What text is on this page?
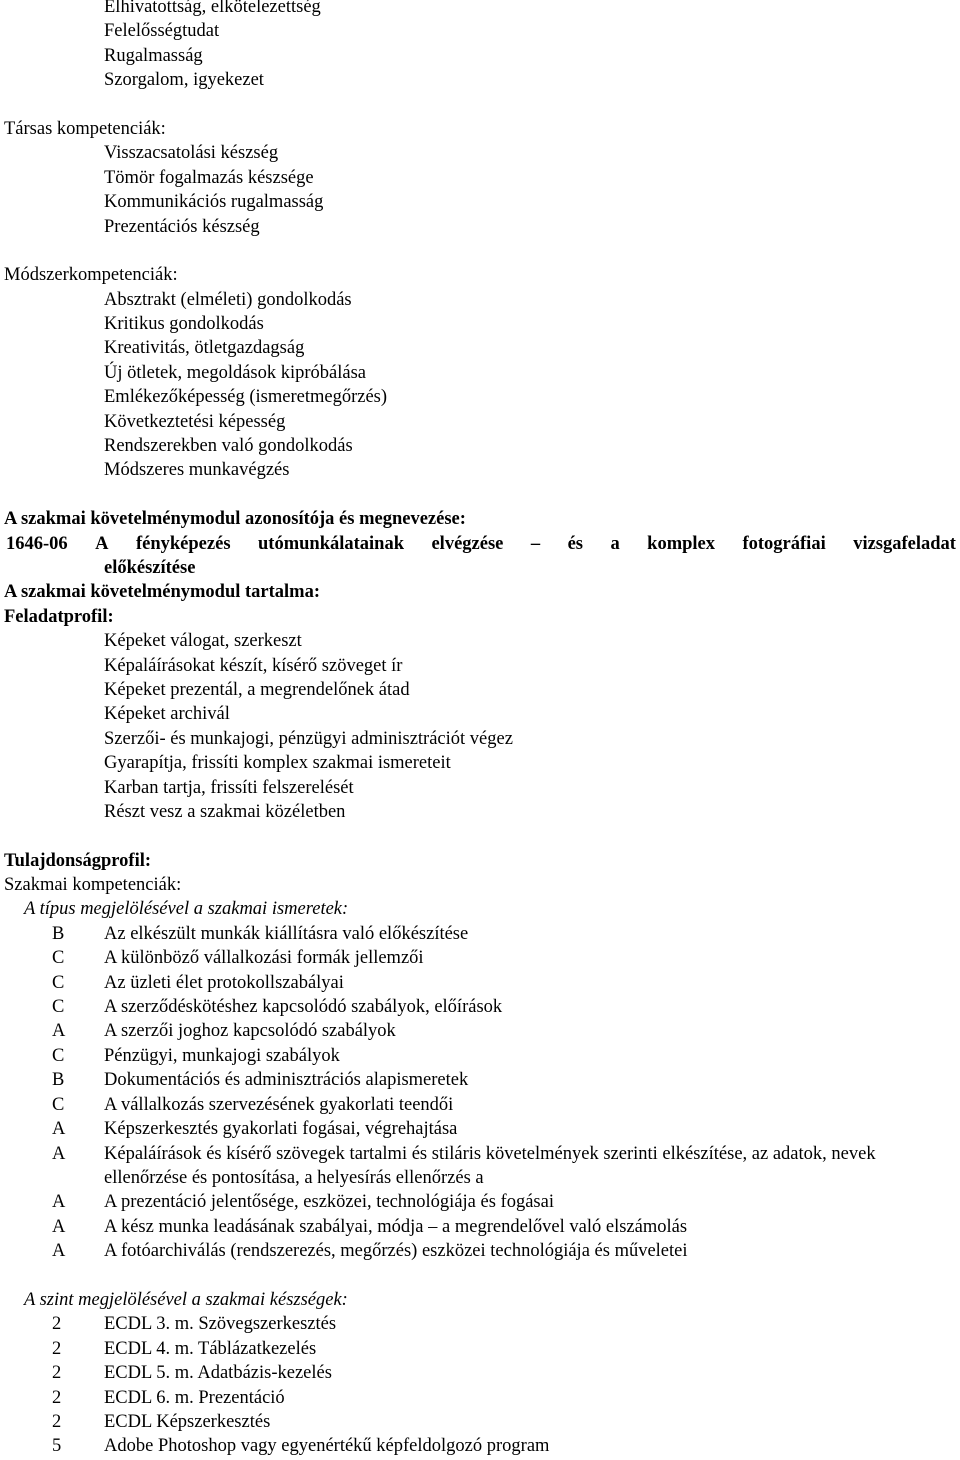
Elhivatottság, elkötelezettség
Felelősségtudat
Rugalmasság
Szorgalom, igyekezet
Társas kompetenciák:
Visszacsatolási készség
Tömör fogalmazás készsége
Kommunikációs rugalmasság
Prezentációs készség
Módszerkompetenciák:
Absztrakt (elméleti) gondolkodás
Kritikus gondolkodás
Kreativitás, ötletgazdagság
Új ötletek, megoldások kipróbálása
Emlékezőképesség (ismeretmegőrzés)
Következtetési képesség
Rendszerekben való gondolkodás
Módszeres munkavégzés
A szakmai követelménymodul azonosítója és megnevezése:
1646-06 A fényképezés utómunkálatainak elvégzése – és a komplex fotográfiai vizsgafeladat
előkészítése
A szakmai követelménymodul tartalma:
Feladatprofil:
Képeket válogat, szerkeszt
Képaláírásokat készít, kísérő szöveget ír
Képeket prezentál, a megrendelőnek átad
Képeket archivál
Szerzői- és munkajogi, pénzügyi adminisztrációt végez
Gyarapítja, frissíti komplex szakmai ismereteit
Karban tartja, frissíti felszerelését
Részt vesz a szakmai közéletben
Tulajdonságprofil:
Szakmai kompetenciák:
A típus megjelölésével a szakmai ismeretek:
B	Az elkészült munkák kiállításra való előkészítése
C	A különböző vállalkozási formák jellemzői
C	Az üzleti élet protokollszabályai
C	A szerződéskötéshez kapcsolódó szabályok, előírások
A	A szerzői joghoz kapcsolódó szabályok
C	Pénzügyi, munkajogi szabályok
B	Dokumentációs és adminisztrációs alapismeretek
C	A vállalkozás szervezésének gyakorlati teendői
A	Képszerkesztés gyakorlati fogásai, végrehajtása
A	Képaláírások és kísérő szövegek tartalmi és stiláris követelmények szerinti elkészítése, az adatok, nevek ellenőrzése és pontosítása, a helyesírás ellenőrzés a
A	A prezentáció jelentősége, eszközei, technológiája és fogásai
A	A kész munka leadásának szabályai, módja – a megrendelővel való elszámolás
A	A fotóarchiválás (rendszerezés, megőrzés) eszközei technológiája és műveletei
A szint megjelölésével a szakmai készségek:
2	ECDL 3. m. Szövegszerkesztés
2	ECDL 4. m. Táblázatkezelés
2	ECDL 5. m. Adatbázis-kezelés
2	ECDL 6. m. Prezentáció
2	ECDL Képszerkesztés
5	Adobe Photoshop vagy egyenértékű képfeldolgozó program
